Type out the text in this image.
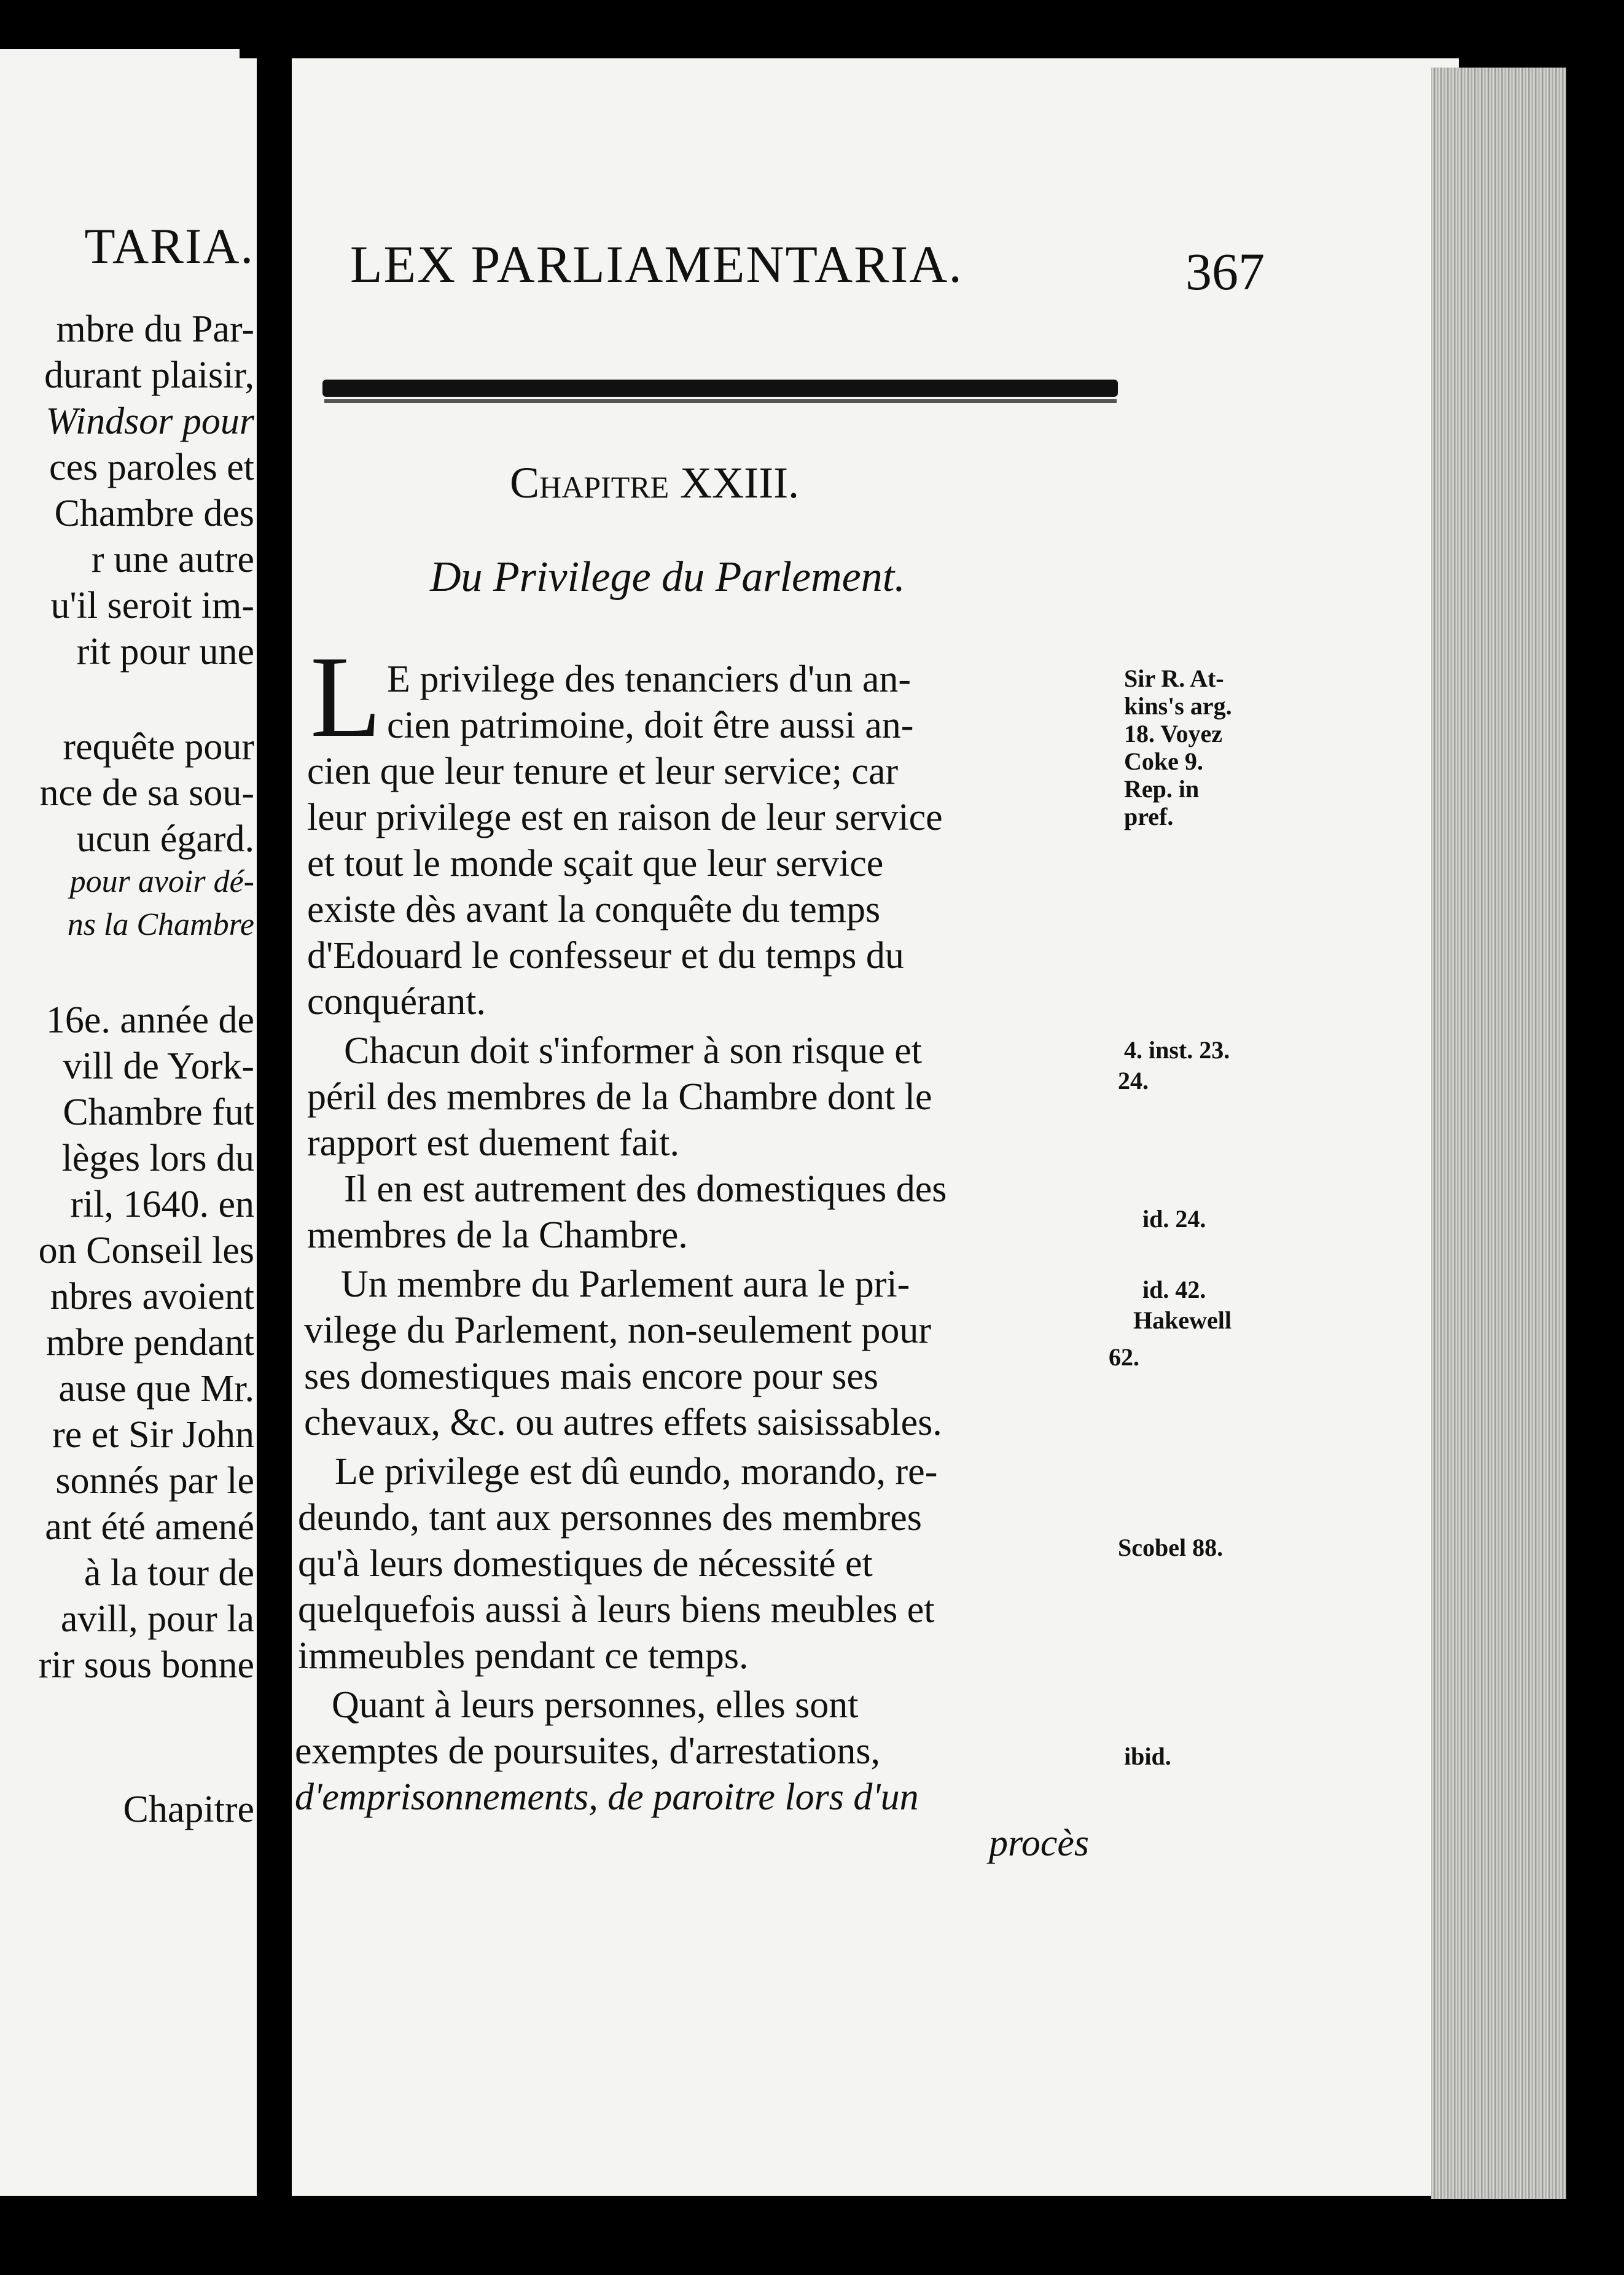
TARIA.
mbre du Par-
durant plaisir,
Windsor pour
ces paroles et
Chambre des
r une autre
u'il seroit im-
rit pour une
requête pour
nce de sa sou-
ucun égard.
pour avoir dé-
ns la Chambre
16e. année de
vill de York-
Chambre fut
lèges lors du
ril, 1640. en
on Conseil les
nbres avoient
mbre pendant
ause que Mr.
re et Sir John
sonnés par le
ant été amené
à la tour de
avill, pour la
rir sous bonne
Chapitre
LEX PARLIAMENTARIA.	367
Chapitre XXIII.
Du Privilege du Parlement.
L E privilege des tenanciers d'un an-
cien patrimoine, doit être aussi an-
cien que leur tenure et leur service; car
leur privilege est en raison de leur service
et tout le monde sçait que leur service
existe dès avant la conquête du temps
d'Edouard le confesseur et du temps du
conquérant.
Chacun doit s'informer à son risque et
péril des membres de la Chambre dont le
rapport est duement fait.
Il en est autrement des domestiques des
membres de la Chambre.
Un membre du Parlement aura le pri-
vilege du Parlement, non-seulement pour
ses domestiques mais encore pour ses
chevaux, &c. ou autres effets saisissables.
Le privilege est dû eundo, morando, re-
deundo, tant aux personnes des membres
qu'à leurs domestiques de nécessité et
quelquefois aussi à leurs biens meubles et
immeubles pendant ce temps.
Quant à leurs personnes, elles sont
exemptes de poursuites, d'arrestations,
d'emprisonnements, de paroitre lors d'un
procès
Sir R. At-
kins's arg.
18. Voyez
Coke 9.
Rep. in
pref.
4. inst. 23.
24.
id. 24.
id. 42.
Hakewell
62.
Scobel 88.
ibid.
